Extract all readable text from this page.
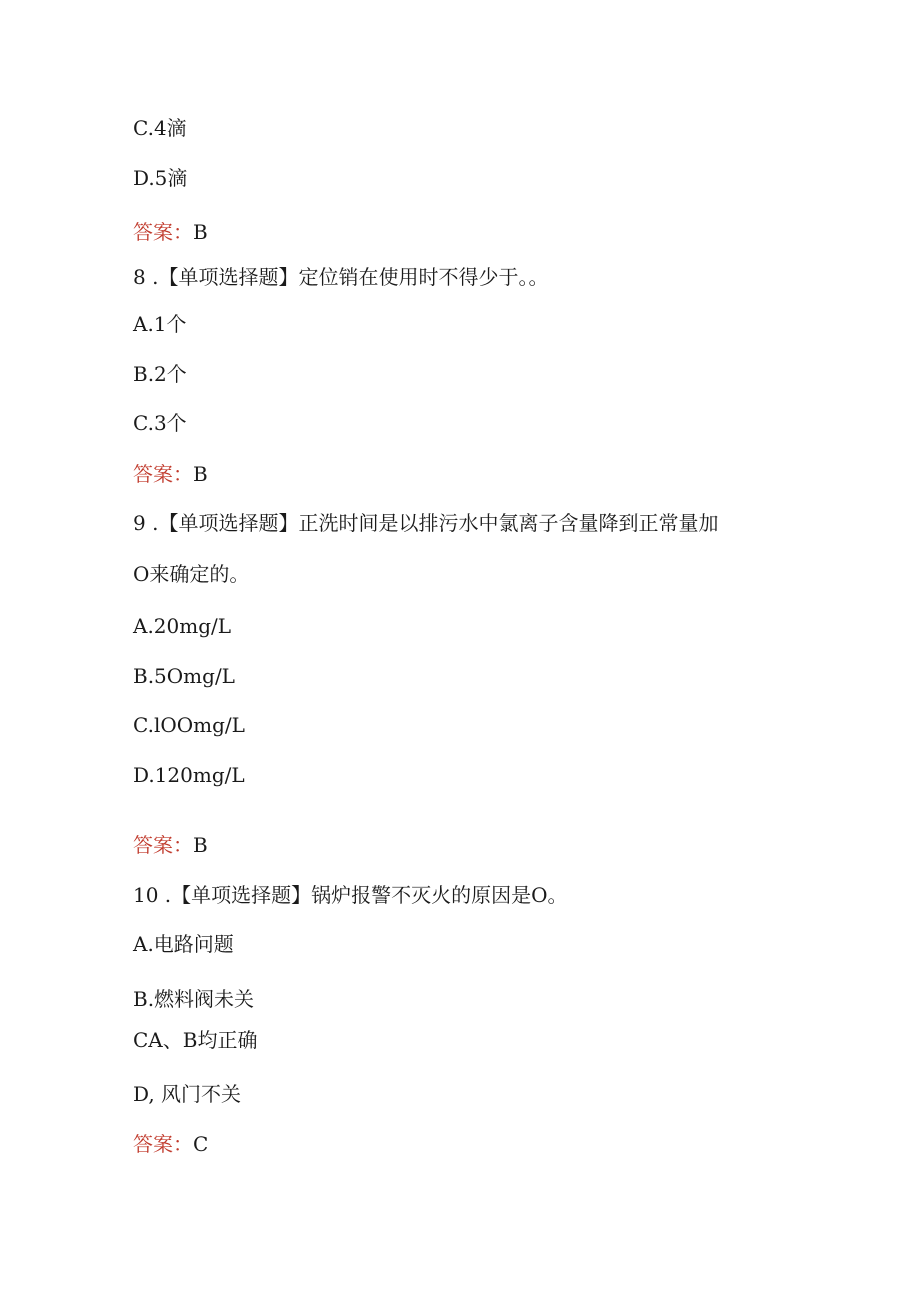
C.4滴
D.5滴
答案：B
8 .【单项选择题】定位销在使用时不得少于。。
A.1个
B.2个
C.3个
答案：B
9 .【单项选择题】正洗时间是以排污水中氯离子含量降到正常量加
O来确定的。
A.20mg∕L
B.5Omg∕L
C.lOOmg/L
D.120mg∕L
答案：B
10 .【单项选择题】锅炉报警不灭火的原因是O。
A.电路问题
B.燃料阀未关
CA、B均正确
D, 风门不关
答案：C
